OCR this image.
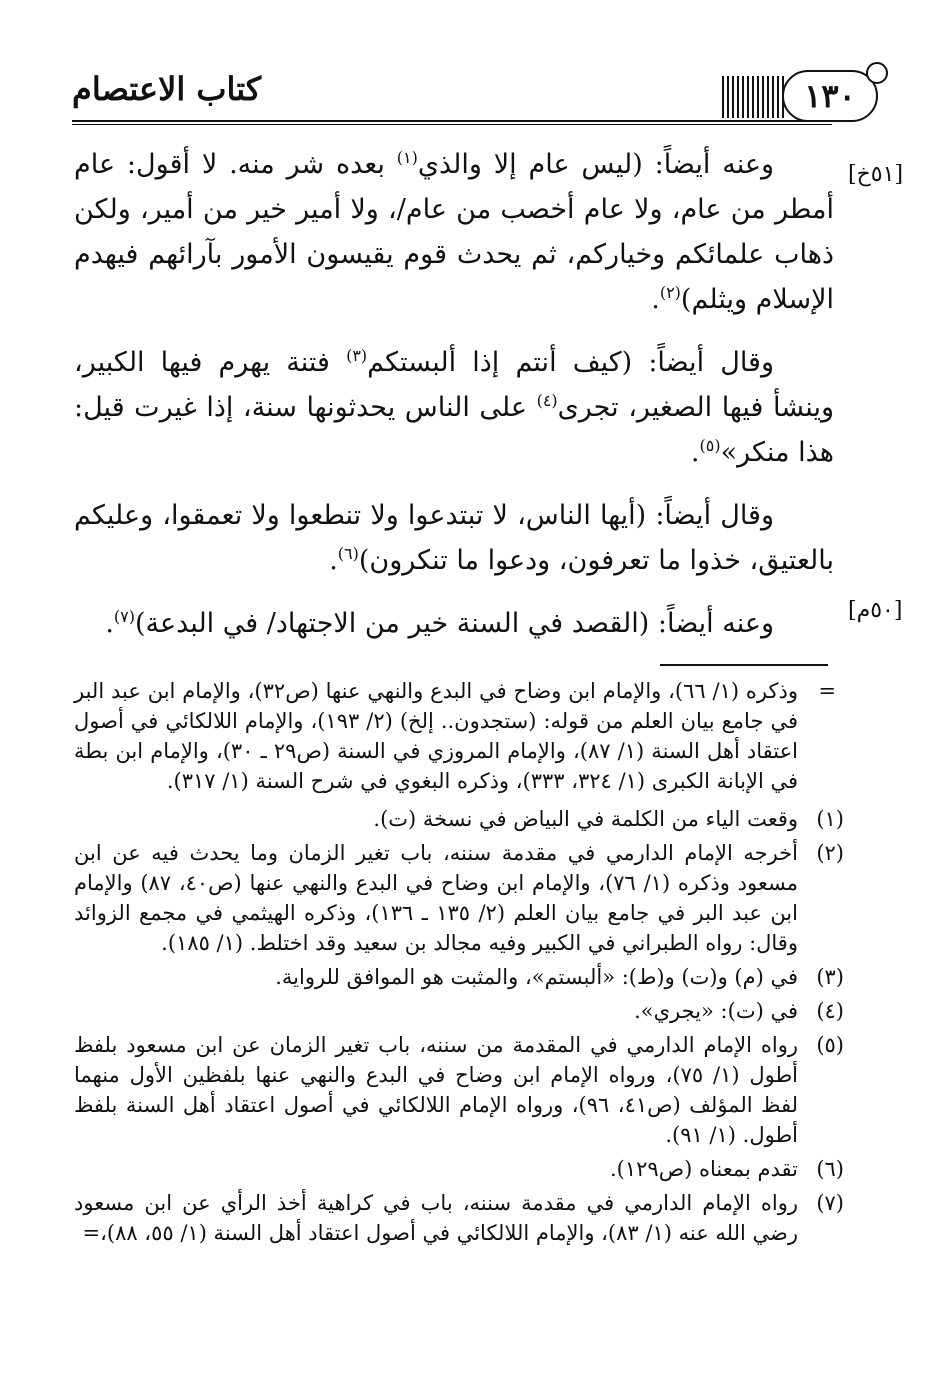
كتاب الاعتصام	١٣٠
[٥١خ]
[٥٠م]

وعنه أيضاً: (ليس عام إلا والذي$^{(١)}$ بعده شر منه. لا أقول: عام أمطر من عام، ولا عام أخصب من عام/، ولا أمير خير من أمير، ولكن ذهاب علمائكم وخياركم، ثم يحدث قوم يقيسون الأمور بآرائهم فيهدم الإسلام ويثلم)$^{(٢)}$.

وقال أيضاً: (كيف أنتم إذا ألبستكم$^{(٣)}$ فتنة يهرم فيها الكبير، وينشأ فيها الصغير، تجرى$^{(٤)}$ على الناس يحدثونها سنة، إذا غيرت قيل: هذا منكر»$^{(٥)}$.

وقال أيضاً: (أيها الناس، لا تبتدعوا ولا تنطعوا ولا تعمقوا، وعليكم بالعتيق، خذوا ما تعرفون، ودعوا ما تنكرون)$^{(٦)}$.

وعنه أيضاً: (القصد في السنة خير من الاجتهاد/ في البدعة)$^{(٧)}$.

=
وذكره (١/ ٦٦)، والإمام ابن وضاح في البدع والنهي عنها (ص٣٢)، والإمام ابن عبد البر في جامع بيان العلم من قوله: (ستجدون.. إلخ) (٢/ ١٩٣)، والإمام اللالكائي في أصول اعتقاد أهل السنة (١/ ٨٧)، والإمام المروزي في السنة (ص٢٩ ـ ٣٠)، والإمام ابن بطة في الإبانة الكبرى (١/ ٣٢٤، ٣٣٣)، وذكره البغوي في شرح السنة (١/ ٣١٧).
(١)
وقعت الياء من الكلمة في البياض في نسخة (ت).
(٢)
أخرجه الإمام الدارمي في مقدمة سننه، باب تغير الزمان وما يحدث فيه عن ابن مسعود وذكره (١/ ٧٦)، والإمام ابن وضاح في البدع والنهي عنها (ص٤٠، ٨٧) والإمام ابن عبد البر في جامع بيان العلم (٢/ ١٣٥ ـ ١٣٦)، وذكره الهيثمي في مجمع الزوائد وقال: رواه الطبراني في الكبير وفيه مجالد بن سعيد وقد اختلط. (١/ ١٨٥).
(٣)
في (م) و(ت) و(ط): «ألبستم»، والمثبت هو الموافق للرواية.
(٤)
في (ت): «يجري».
(٥)
رواه الإمام الدارمي في المقدمة من سننه، باب تغير الزمان عن ابن مسعود بلفظ أطول (١/ ٧٥)، ورواه الإمام ابن وضاح في البدع والنهي عنها بلفظين الأول منهما لفظ المؤلف (ص٤١، ٩٦)، ورواه الإمام اللالكائي في أصول اعتقاد أهل السنة بلفظ أطول. (١/ ٩١).
(٦)
تقدم بمعناه (ص١٢٩).
(٧)
رواه الإمام الدارمي في مقدمة سننه، باب في كراهية أخذ الرأي عن ابن مسعود رضي الله عنه (١/ ٨٣)، والإمام اللالكائي في أصول اعتقاد أهل السنة (١/ ٥٥، ٨٨)،=
